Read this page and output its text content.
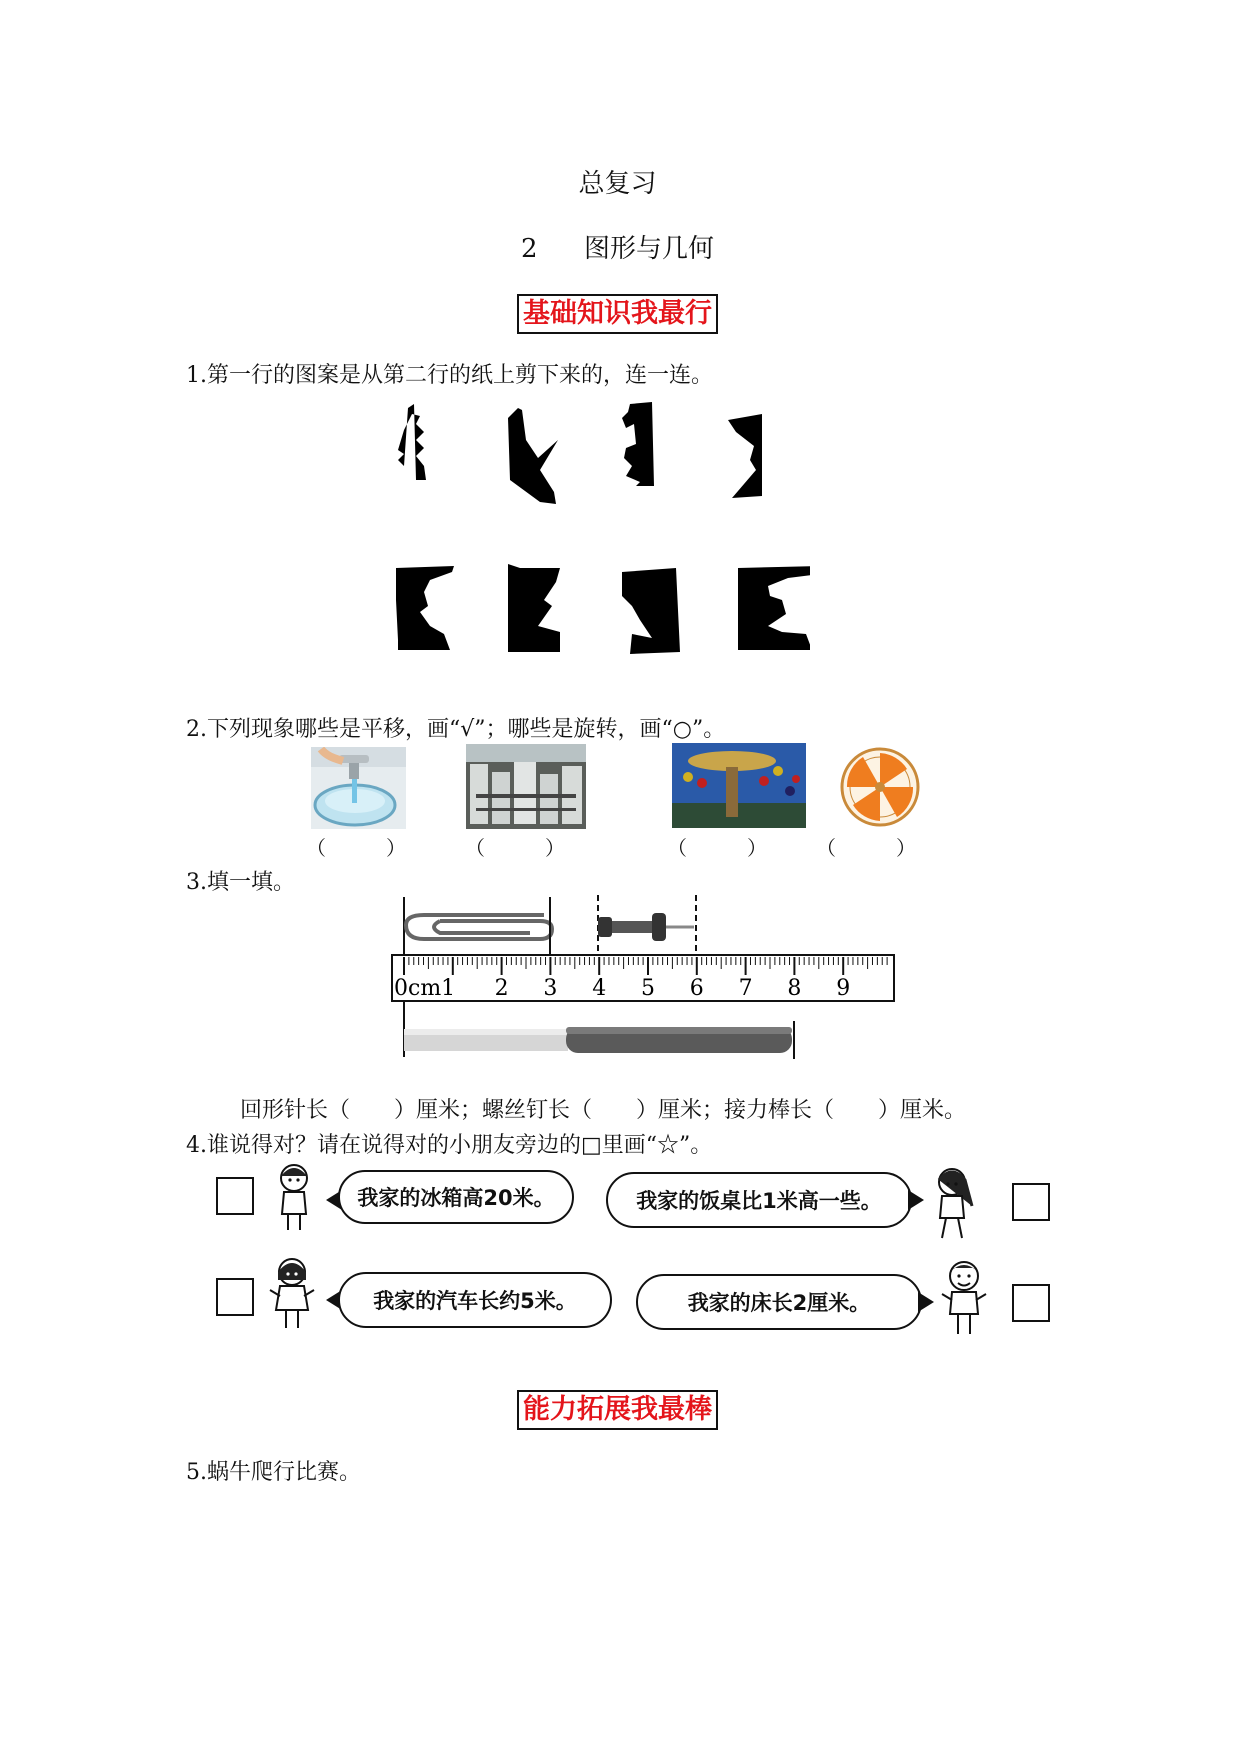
总复习
2 图形与几何
基础知识我最行
1.第一行的图案是从第二行的纸上剪下来的，连一连。
2.下列现象哪些是平移，画“√”；哪些是旋转，画“○”。
（　　　）	（　　　）	（　　　） （　　　）
3.填一填。
0cm1 2 3 4 5 6 7 8 9
回形针长（　　）厘米；螺丝钉长（　　）厘米；接力棒长（　　）厘米。
4.谁说得对？请在说得对的小朋友旁边的□里画“☆”。
我家的冰箱高20米。	我家的饭桌比1米高一些。
我家的汽车长约5米。	我家的床长2厘米。
能力拓展我最棒
5.蜗牛爬行比赛。
